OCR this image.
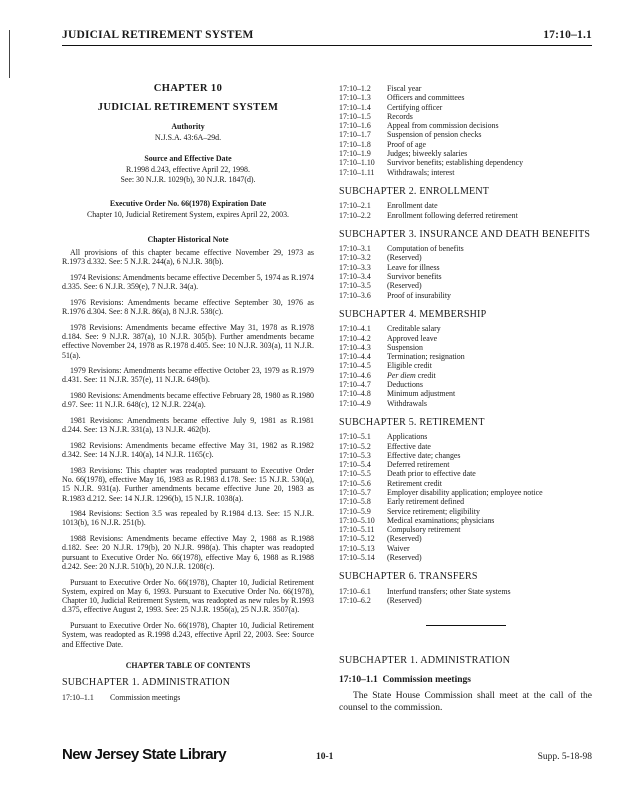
JUDICIAL RETIREMENT SYSTEM	17:10–1.1
CHAPTER 10
JUDICIAL RETIREMENT SYSTEM
Authority
N.J.S.A. 43:6A–29d.
Source and Effective Date
R.1998 d.243, effective April 22, 1998.
See: 30 N.J.R. 1029(b), 30 N.J.R. 1847(d).
Executive Order No. 66(1978) Expiration Date
Chapter 10, Judicial Retirement System, expires April 22, 2003.
Chapter Historical Note
All provisions of this chapter became effective November 29, 1973 as R.1973 d.332. See: 5 N.J.R. 244(a), 6 N.J.R. 38(b).
1974 Revisions: Amendments became effective December 5, 1974 as R.1974 d.335. See: 6 N.J.R. 359(e), 7 N.J.R. 34(a).
1976 Revisions: Amendments became effective September 30, 1976 as R.1976 d.304. See: 8 N.J.R. 86(a), 8 N.J.R. 538(c).
1978 Revisions: Amendments became effective May 31, 1978 as R.1978 d.184. See: 9 N.J.R. 387(a), 10 N.J.R. 305(b). Further amendments became effective November 24, 1978 as R.1978 d.405. See: 10 N.J.R. 303(a), 11 N.J.R. 51(a).
1979 Revisions: Amendments became effective October 23, 1979 as R.1979 d.431. See: 11 N.J.R. 357(e), 11 N.J.R. 649(b).
1980 Revisions: Amendments became effective February 28, 1980 as R.1980 d.97. See: 11 N.J.R. 648(c), 12 N.J.R. 224(a).
1981 Revisions: Amendments became effective July 9, 1981 as R.1981 d.244. See: 13 N.J.R. 331(a), 13 N.J.R. 462(b).
1982 Revisions: Amendments became effective May 31, 1982 as R.1982 d.342. See: 14 N.J.R. 140(a), 14 N.J.R. 1165(c).
1983 Revisions: This chapter was readopted pursuant to Executive Order No. 66(1978), effective May 16, 1983 as R.1983 d.178. See: 15 N.J.R. 530(a), 15 N.J.R. 931(a). Further amendments became effective June 20, 1983 as R.1983 d.212. See: 14 N.J.R. 1296(b), 15 N.J.R. 1038(a).
1984 Revisions: Section 3.5 was repealed by R.1984 d.13. See: 15 N.J.R. 1013(b), 16 N.J.R. 251(b).
1988 Revisions: Amendments became effective May 2, 1988 as R.1988 d.182. See: 20 N.J.R. 179(b), 20 N.J.R. 998(a). This chapter was readopted pursuant to Executive Order No. 66(1978), effective May 6, 1988 as R.1988 d.242. See: 20 N.J.R. 510(b), 20 N.J.R. 1208(c).
Pursuant to Executive Order No. 66(1978), Chapter 10, Judicial Retirement System, expired on May 6, 1993. Pursuant to Executive Order No. 66(1978), Chapter 10, Judicial Retirement System, was readopted as new rules by R.1993 d.375, effective August 2, 1993. See: 25 N.J.R. 1956(a), 25 N.J.R. 3507(a).
Pursuant to Executive Order No. 66(1978), Chapter 10, Judicial Retirement System, was readopted as R.1998 d.243, effective April 22, 2003. See: Source and Effective Date.
CHAPTER TABLE OF CONTENTS
SUBCHAPTER 1. ADMINISTRATION
17:10–1.1	Commission meetings
17:10–1.2	Fiscal year
17:10–1.3	Officers and committees
17:10–1.4	Certifying officer
17:10–1.5	Records
17:10–1.6	Appeal from commission decisions
17:10–1.7	Suspension of pension checks
17:10–1.8	Proof of age
17:10–1.9	Judges; biweekly salaries
17:10–1.10	Survivor benefits; establishing dependency
17:10–1.11	Withdrawals; interest
SUBCHAPTER 2. ENROLLMENT
17:10–2.1	Enrollment date
17:10–2.2	Enrollment following deferred retirement
SUBCHAPTER 3. INSURANCE AND DEATH BENEFITS
17:10–3.1	Computation of benefits
17:10–3.2	(Reserved)
17:10–3.3	Leave for illness
17:10–3.4	Survivor benefits
17:10–3.5	(Reserved)
17:10–3.6	Proof of insurability
SUBCHAPTER 4. MEMBERSHIP
17:10–4.1	Creditable salary
17:10–4.2	Approved leave
17:10–4.3	Suspension
17:10–4.4	Termination; resignation
17:10–4.5	Eligible credit
17:10–4.6	Per diem credit
17:10–4.7	Deductions
17:10–4.8	Minimum adjustment
17:10–4.9	Withdrawals
SUBCHAPTER 5. RETIREMENT
17:10–5.1	Applications
17:10–5.2	Effective date
17:10–5.3	Effective date; changes
17:10–5.4	Deferred retirement
17:10–5.5	Death prior to effective date
17:10–5.6	Retirement credit
17:10–5.7	Employer disability application; employee notice
17:10–5.8	Early retirement defined
17:10–5.9	Service retirement; eligibility
17:10–5.10	Medical examinations; physicians
17:10–5.11	Compulsory retirement
17:10–5.12	(Reserved)
17:10–5.13	Waiver
17:10–5.14	(Reserved)
SUBCHAPTER 6. TRANSFERS
17:10–6.1	Interfund transfers; other State systems
17:10–6.2	(Reserved)
SUBCHAPTER 1. ADMINISTRATION
17:10–1.1 Commission meetings
The State House Commission shall meet at the call of the counsel to the commission.
New Jersey State Library	10-1	Supp. 5-18-98
